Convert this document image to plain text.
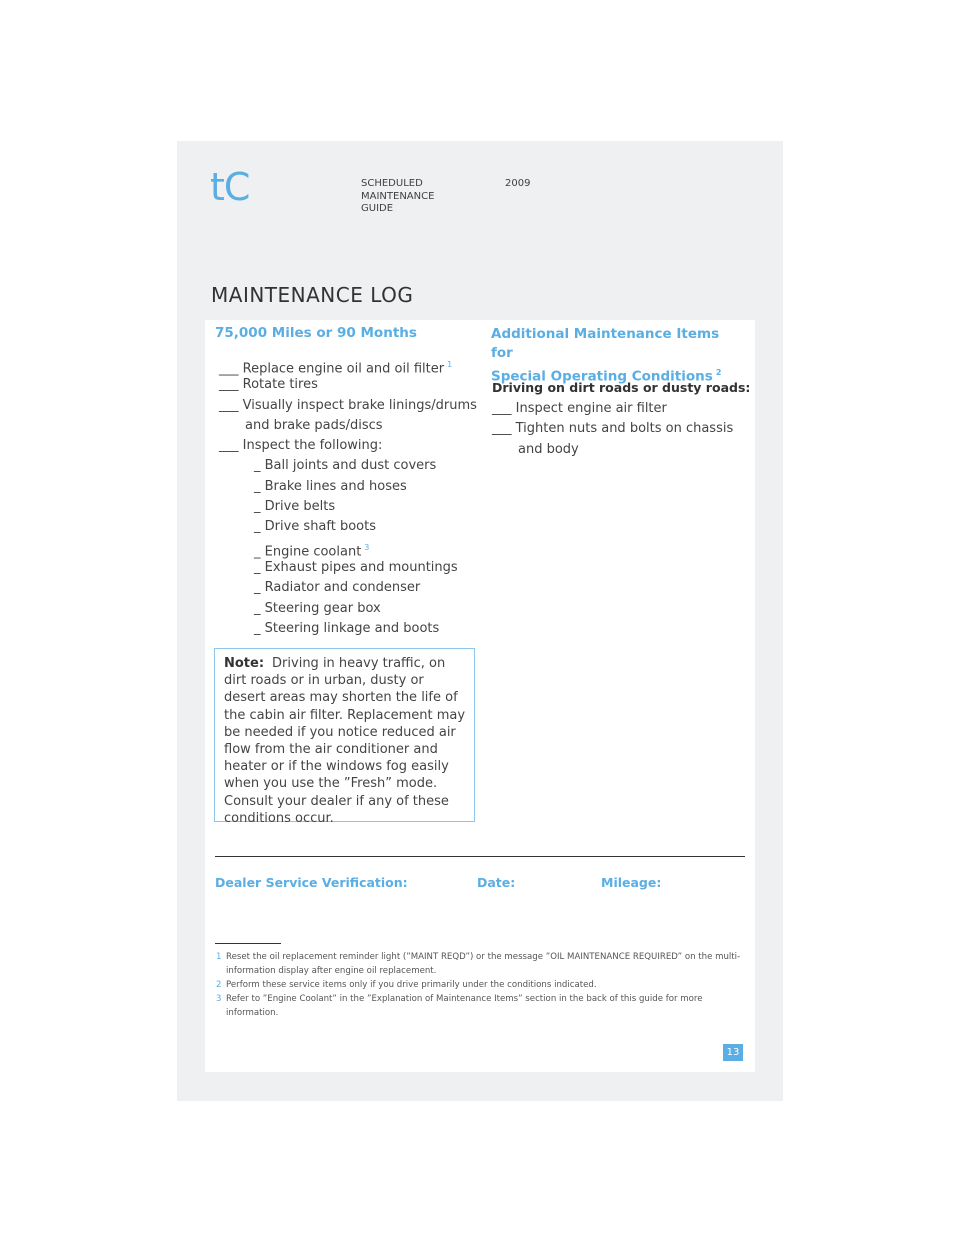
tC	SCHEDULED
MAINTENANCE
GUIDE
2009
MAINTENANCE LOG
75,000 Miles or 90 Months
___ Replace engine oil and oil filter $^1$
___ Rotate tires
___ Visually inspect brake linings/drums
and brake pads/discs
___ Inspect the following:
_ Ball joints and dust covers
_ Brake lines and hoses
_ Drive belts
_ Drive shaft boots
_ Engine coolant $^3$
_ Exhaust pipes and mountings
_ Radiator and condenser
_ Steering gear box
_ Steering linkage and boots
Additional Maintenance Items for
Special Operating Conditions $^2$
Driving on dirt roads or dusty roads:
___ Inspect engine air filter
___ Tighten nuts and bolts on chassis
and body
Note: Driving in heavy traffic, on dirt roads or in urban, dusty or desert areas may shorten the life of the cabin air filter. Replacement may be needed if you notice reduced air flow from the air conditioner and heater or if the windows fog easily when you use the ”Fresh” mode. Consult your dealer if any of these conditions occur.
Dealer Service Verification:	Date:	Mileage:
1 Reset the oil replacement reminder light (”MAINT REQD”) or the message ”OIL MAINTENANCE REQUIRED” on the multi-information display after engine oil replacement.
2 Perform these service items only if you drive primarily under the conditions indicated.
3 Refer to ”Engine Coolant” in the ”Explanation of Maintenance Items” section in the back of this guide for more information.
13
